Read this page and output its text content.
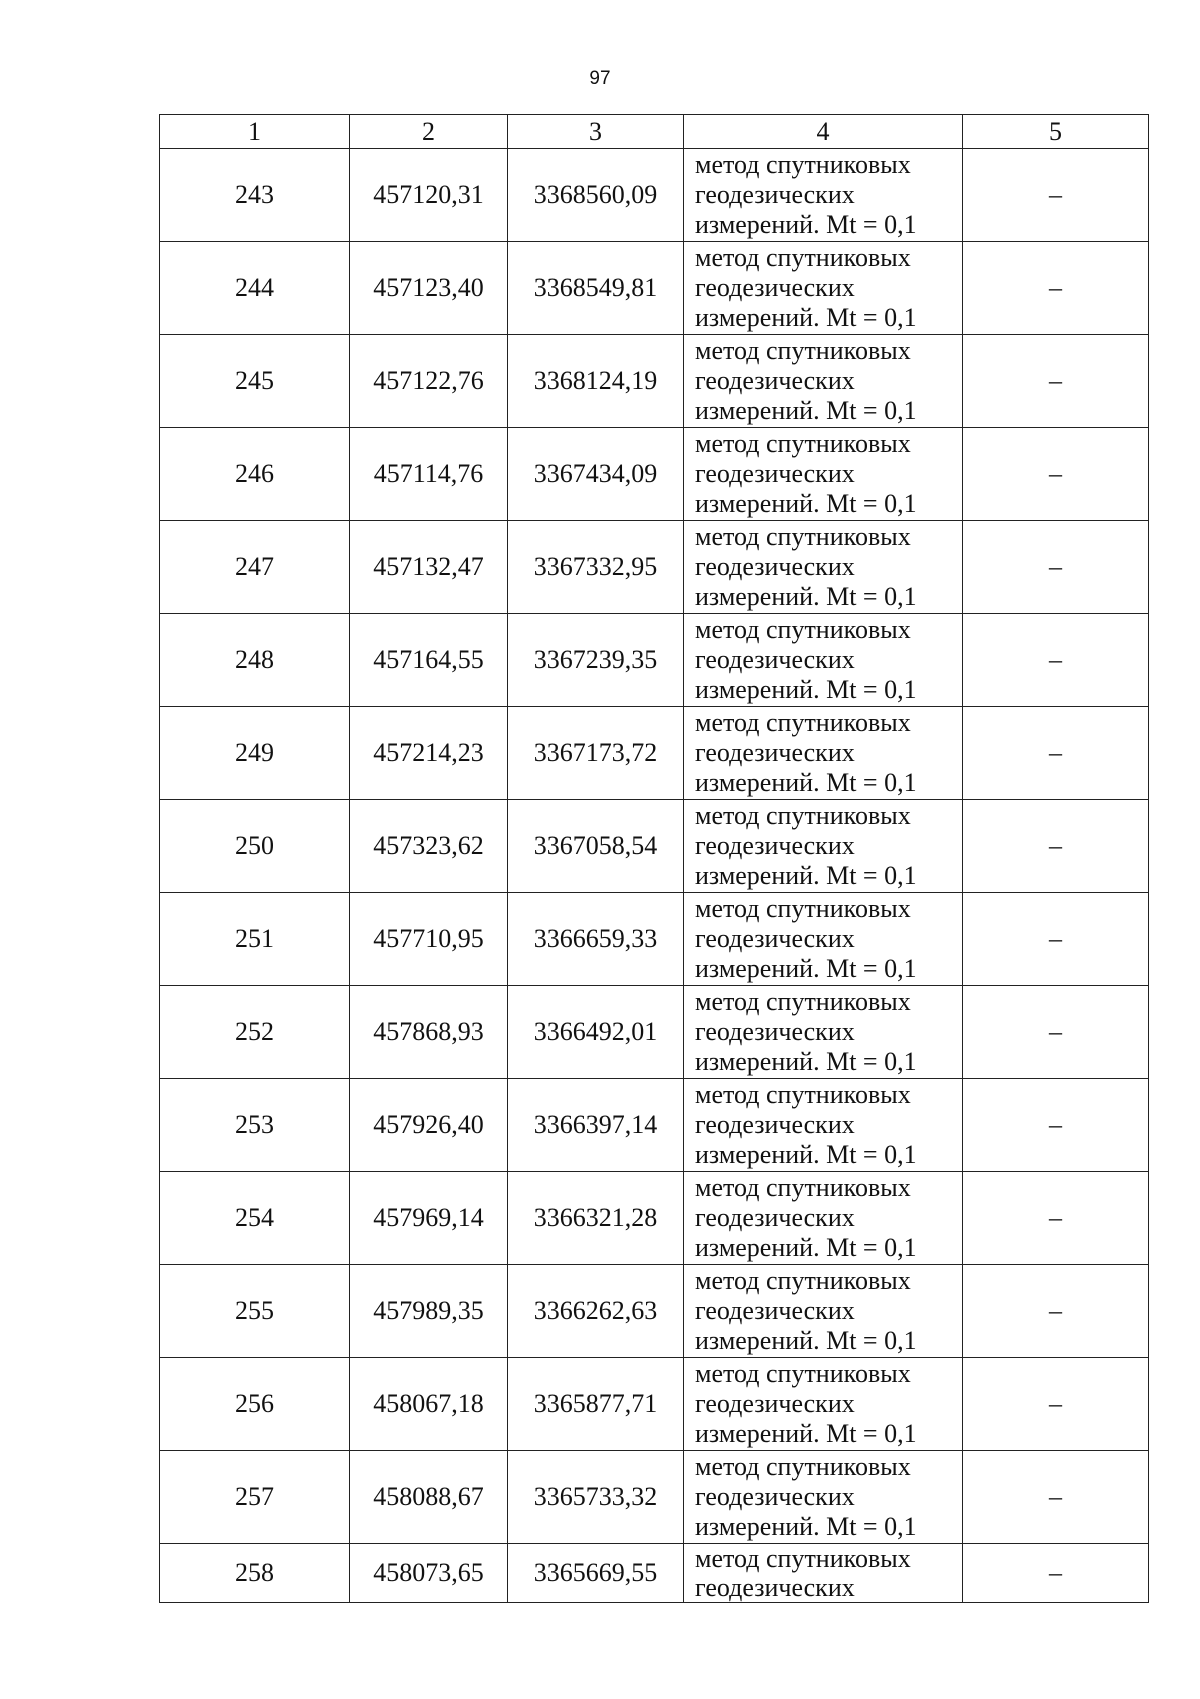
97
1	2	3	4	5
243	457120,31	3368560,09	метод спутниковых геодезических измерений. Mt = 0,1	–
244	457123,40	3368549,81	метод спутниковых геодезических измерений. Mt = 0,1	–
245	457122,76	3368124,19	метод спутниковых геодезических измерений. Mt = 0,1	–
246	457114,76	3367434,09	метод спутниковых геодезических измерений. Mt = 0,1	–
247	457132,47	3367332,95	метод спутниковых геодезических измерений. Mt = 0,1	–
248	457164,55	3367239,35	метод спутниковых геодезических измерений. Mt = 0,1	–
249	457214,23	3367173,72	метод спутниковых геодезических измерений. Mt = 0,1	–
250	457323,62	3367058,54	метод спутниковых геодезических измерений. Mt = 0,1	–
251	457710,95	3366659,33	метод спутниковых геодезических измерений. Mt = 0,1	–
252	457868,93	3366492,01	метод спутниковых геодезических измерений. Mt = 0,1	–
253	457926,40	3366397,14	метод спутниковых геодезических измерений. Mt = 0,1	–
254	457969,14	3366321,28	метод спутниковых геодезических измерений. Mt = 0,1	–
255	457989,35	3366262,63	метод спутниковых геодезических измерений. Mt = 0,1	–
256	458067,18	3365877,71	метод спутниковых геодезических измерений. Mt = 0,1	–
257	458088,67	3365733,32	метод спутниковых геодезических измерений. Mt = 0,1	–
258	458073,65	3365669,55	метод спутниковых геодезических	–
